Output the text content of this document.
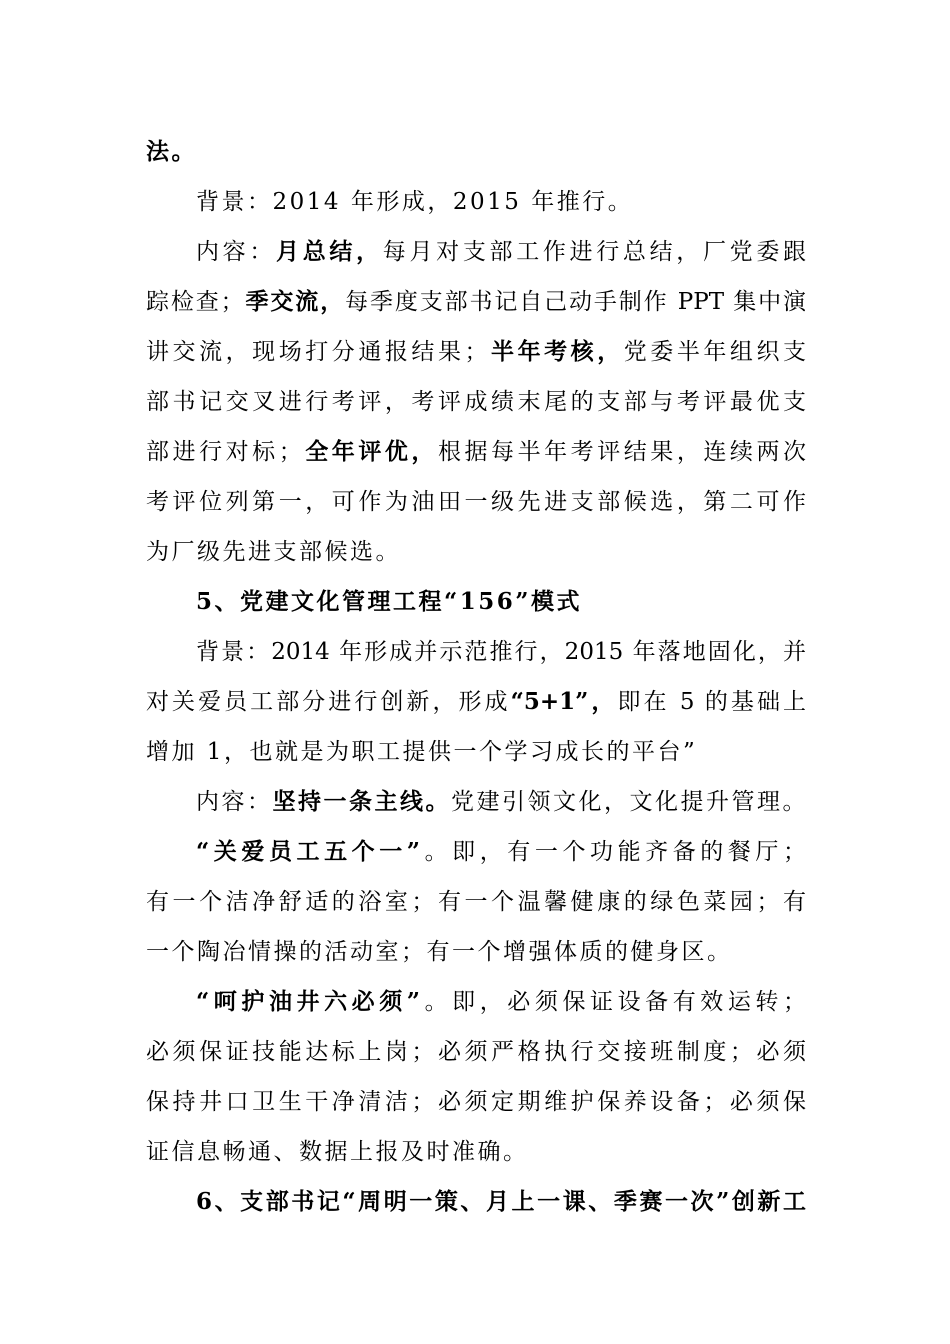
法。
背景：2014 年形成，2015 年推行。
内容：月总结，每月对支部工作进行总结，厂党委跟
踪检查；季交流，每季度支部书记自己动手制作 PPT 集中演
讲交流，现场打分通报结果；半年考核，党委半年组织支
部书记交叉进行考评，考评成绩末尾的支部与考评最优支
部进行对标；全年评优，根据每半年考评结果，连续两次
考评位列第一，可作为油田一级先进支部候选，第二可作
为厂级先进支部候选。
5、党建文化管理工程“156”模式
背景：2014 年形成并示范推行，2015 年落地固化，并
对关爱员工部分进行创新，形成“5+1”，即在 5 的基础上
增加 1，也就是为职工提供一个学习成长的平台”
内容：坚持一条主线。党建引领文化，文化提升管理。
“关爱员工五个一”。即，有一个功能齐备的餐厅；
有一个洁净舒适的浴室；有一个温馨健康的绿色菜园；有
一个陶冶情操的活动室；有一个增强体质的健身区。
“呵护油井六必须”。即，必须保证设备有效运转；
必须保证技能达标上岗；必须严格执行交接班制度；必须
保持井口卫生干净清洁；必须定期维护保养设备；必须保
证信息畅通、数据上报及时准确。
6、支部书记“周明一策、月上一课、季赛一次”创新工
